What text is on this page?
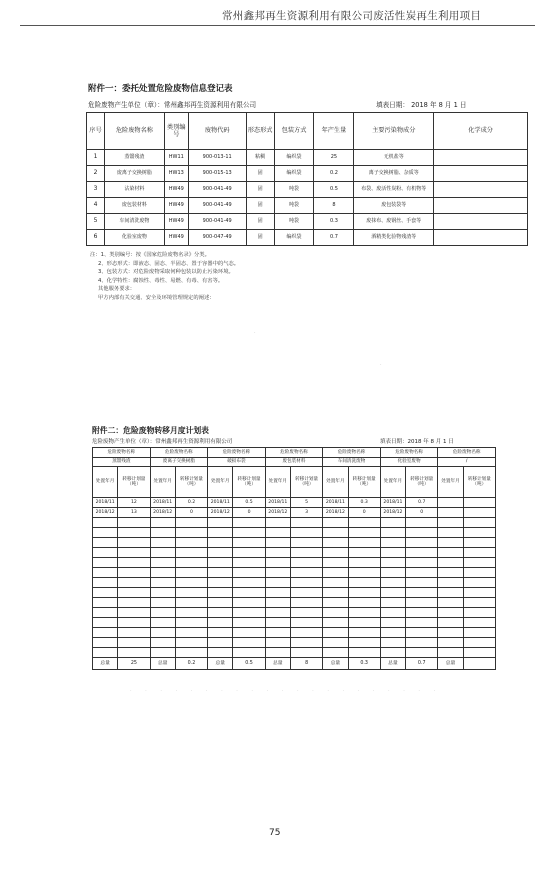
常州鑫邦再生资源利用有限公司废活性炭再生利用项目
附件一：委托处置危险废物信息登记表
危险废物产生单位（章）：常州鑫邦再生资源利用有限公司	填表日期： 2018 年 8 月 1 日
序号	危险废物名称	类别编号	废物代码	形态形式	包装方式	年产生量	主要污染物成分	化学成分
1	蒸馏残渣	HW11	900-013-11	粘稠	编织袋	25	无机盐等	
2	废离子交换树脂	HW13	900-015-13	固	编织袋	0.2	离子交换树脂、杂质等	
3	沾染材料	HW49	900-041-49	固	吨袋	0.5	布袋、废活性炭粉、有机物等	
4	废包装材料	HW49	900-041-49	固	吨袋	8	废包装袋等	
5	车间清洗废物	HW49	900-041-49	固	吨袋	0.3	废抹布、废钢丝、手套等	
6	化验室废物	HW49	900-047-49	固	编织袋	0.7	酒精类化验物残渣等	
注：1、类别编号：按《国家危险废物名录》分类。
2、形态形式：即液态、固态、半固态、置于容器中的气态。
3、包装方式：对危险废物采取何种包装以防止污染环境。
4、化学特性：腐蚀性、毒性、易燃、有毒、有害等。
其他服务要求：
甲方内部有关交通、安全及环境管理规定的阐述：
·
·
附件二：危险废物转移月度计划表
危险废物产生单位（章）：常州鑫邦再生资源利用有限公司	填表日期：2018 年 8 月 1 日
危险废物名称		危险废物名称		危险废物名称		危险废物名称		危险废物名称		危险废物名称		危险废物名称	
蒸馏残渣		废离子交换树脂		破损布袋		废包装材料		车间清洗废物		化验室废物		/	
处置年月	转移计划量（吨）	处置年月	转移计划量（吨）	处置年月	转移计划量（吨）	处置年月	转移计划量（吨）	处置年月	转移计划量（吨）	处置年月	转移计划量（吨）	处置年月	转移计划量（吨）
2018/11	12	2018/11	0.2	2018/11	0.5	2018/11	5	2018/11	0.3	2018/11	0.7		
2018/12	13	2018/12	0	2018/12	0	2018/12	3	2018/12	0	2018/12	0		

总量	25	总量	0.2	总量	0.5	总量	8	总量	0.3	总量	0.7	总量	
· · · · · · · · · · · · · · · · · · · · ·
75
